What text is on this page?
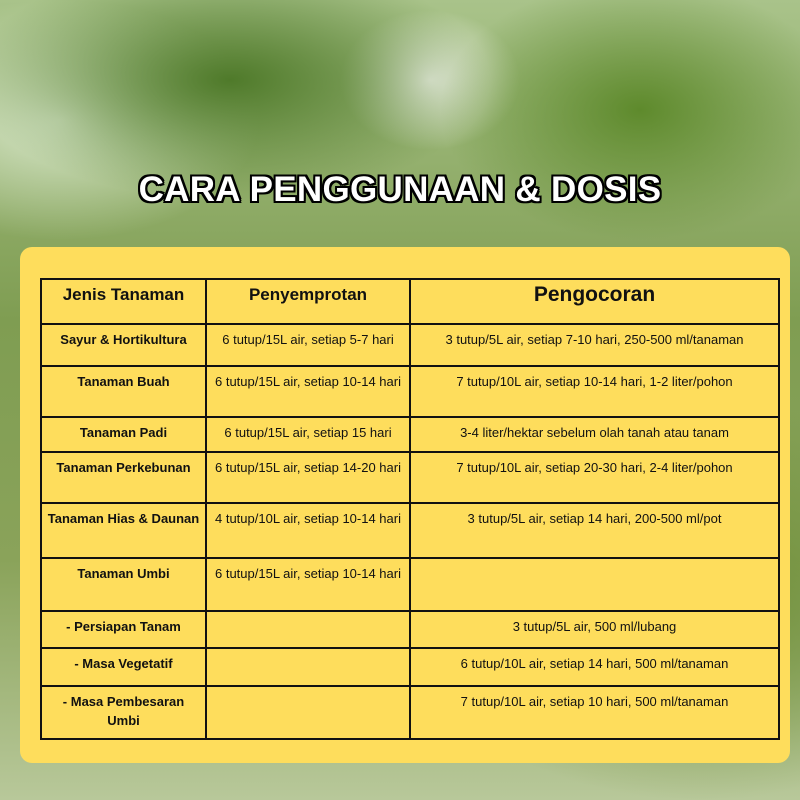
CARA PENGGUNAAN & DOSIS
Jenis Tanaman	Penyemprotan	Pengocoran
Sayur & Hortikultura	6 tutup/15L air, setiap 5-7 hari	3 tutup/5L air, setiap 7-10 hari, 250-500 ml/tanaman
Tanaman Buah	6 tutup/15L air, setiap 10-14 hari	7 tutup/10L air, setiap 10-14 hari, 1-2 liter/pohon
Tanaman Padi	6 tutup/15L air, setiap 15 hari	3-4 liter/hektar sebelum olah tanah atau tanam
Tanaman Perkebunan	6 tutup/15L air, setiap 14-20 hari	7 tutup/10L air, setiap 20-30 hari, 2-4 liter/pohon
Tanaman Hias & Daunan	4 tutup/10L air, setiap 10-14 hari	3 tutup/5L air, setiap 14 hari, 200-500 ml/pot
Tanaman Umbi	6 tutup/15L air, setiap 10-14 hari	
- Persiapan Tanam		3 tutup/5L air, 500 ml/lubang
- Masa Vegetatif		6 tutup/10L air, setiap 14 hari, 500 ml/tanaman
- Masa Pembesaran Umbi		7 tutup/10L air, setiap 10 hari, 500 ml/tanaman
